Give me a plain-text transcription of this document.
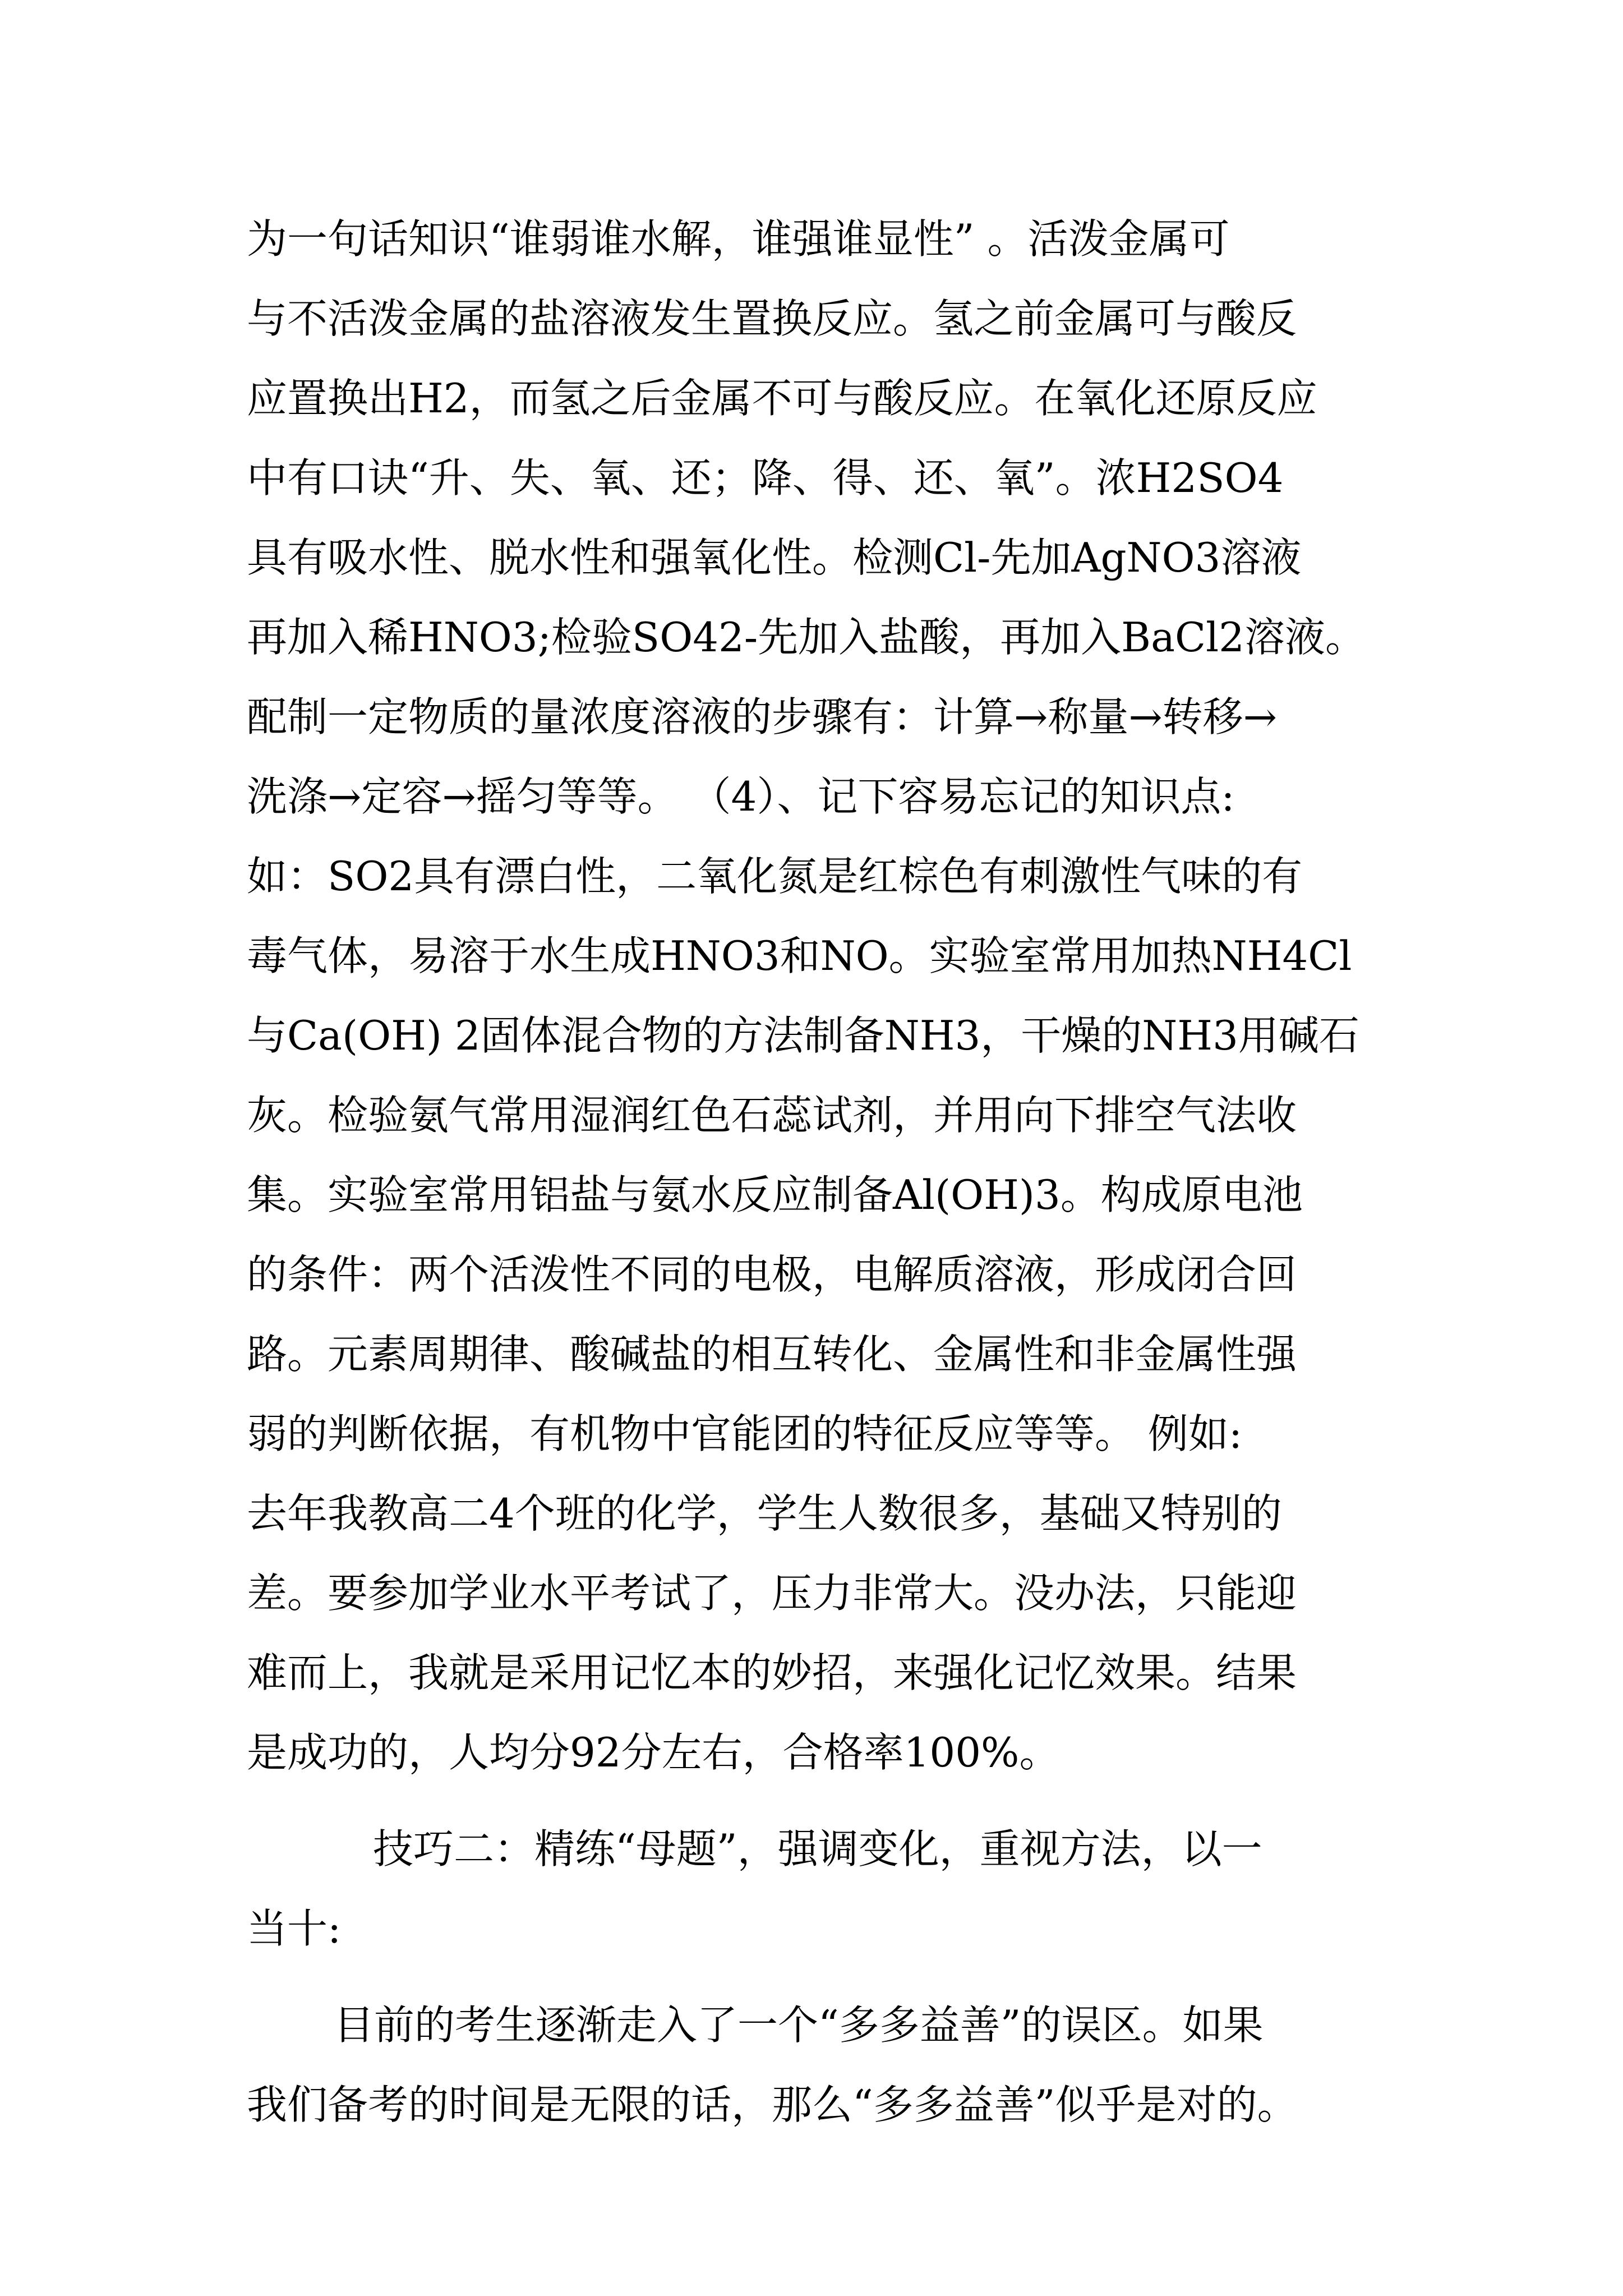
为一句话知识“谁弱谁水解，谁强谁显性” 。活泼金属可
与不活泼金属的盐溶液发生置换反应。氢之前金属可与酸反
应置换出H2，而氢之后金属不可与酸反应。在氧化还原反应
中有口诀“升、失、氧、还；降、得、还、氧”。浓H2SO4
具有吸水性、脱水性和强氧化性。检测Cl-先加AgNO3溶液
再加入稀HNO3;检验SO42-先加入盐酸，再加入BaCl2溶液。
配制一定物质的量浓度溶液的步骤有：计算→称量→转移→
洗涤→定容→摇匀等等。 （4）、记下容易忘记的知识点:
如：SO2具有漂白性，二氧化氮是红棕色有刺激性气味的有
毒气体，易溶于水生成HNO3和NO。实验室常用加热NH4Cl
与Ca(OH) 2固体混合物的方法制备NH3，干燥的NH3用碱石
灰。检验氨气常用湿润红色石蕊试剂，并用向下排空气法收
集。实验室常用铝盐与氨水反应制备Al(OH)3。构成原电池
的条件：两个活泼性不同的电极，电解质溶液，形成闭合回
路。元素周期律、酸碱盐的相互转化、金属性和非金属性强
弱的判断依据，有机物中官能团的特征反应等等。 例如:
去年我教高二4个班的化学，学生人数很多，基础又特别的
差。要参加学业水平考试了，压力非常大。没办法，只能迎
难而上，我就是采用记忆本的妙招，来强化记忆效果。结果
是成功的，人均分92分左右，合格率100%。
技巧二：精练“母题”，强调变化，重视方法，以一
当十:
目前的考生逐渐走入了一个“多多益善”的误区。如果
我们备考的时间是无限的话，那么“多多益善”似乎是对的。
